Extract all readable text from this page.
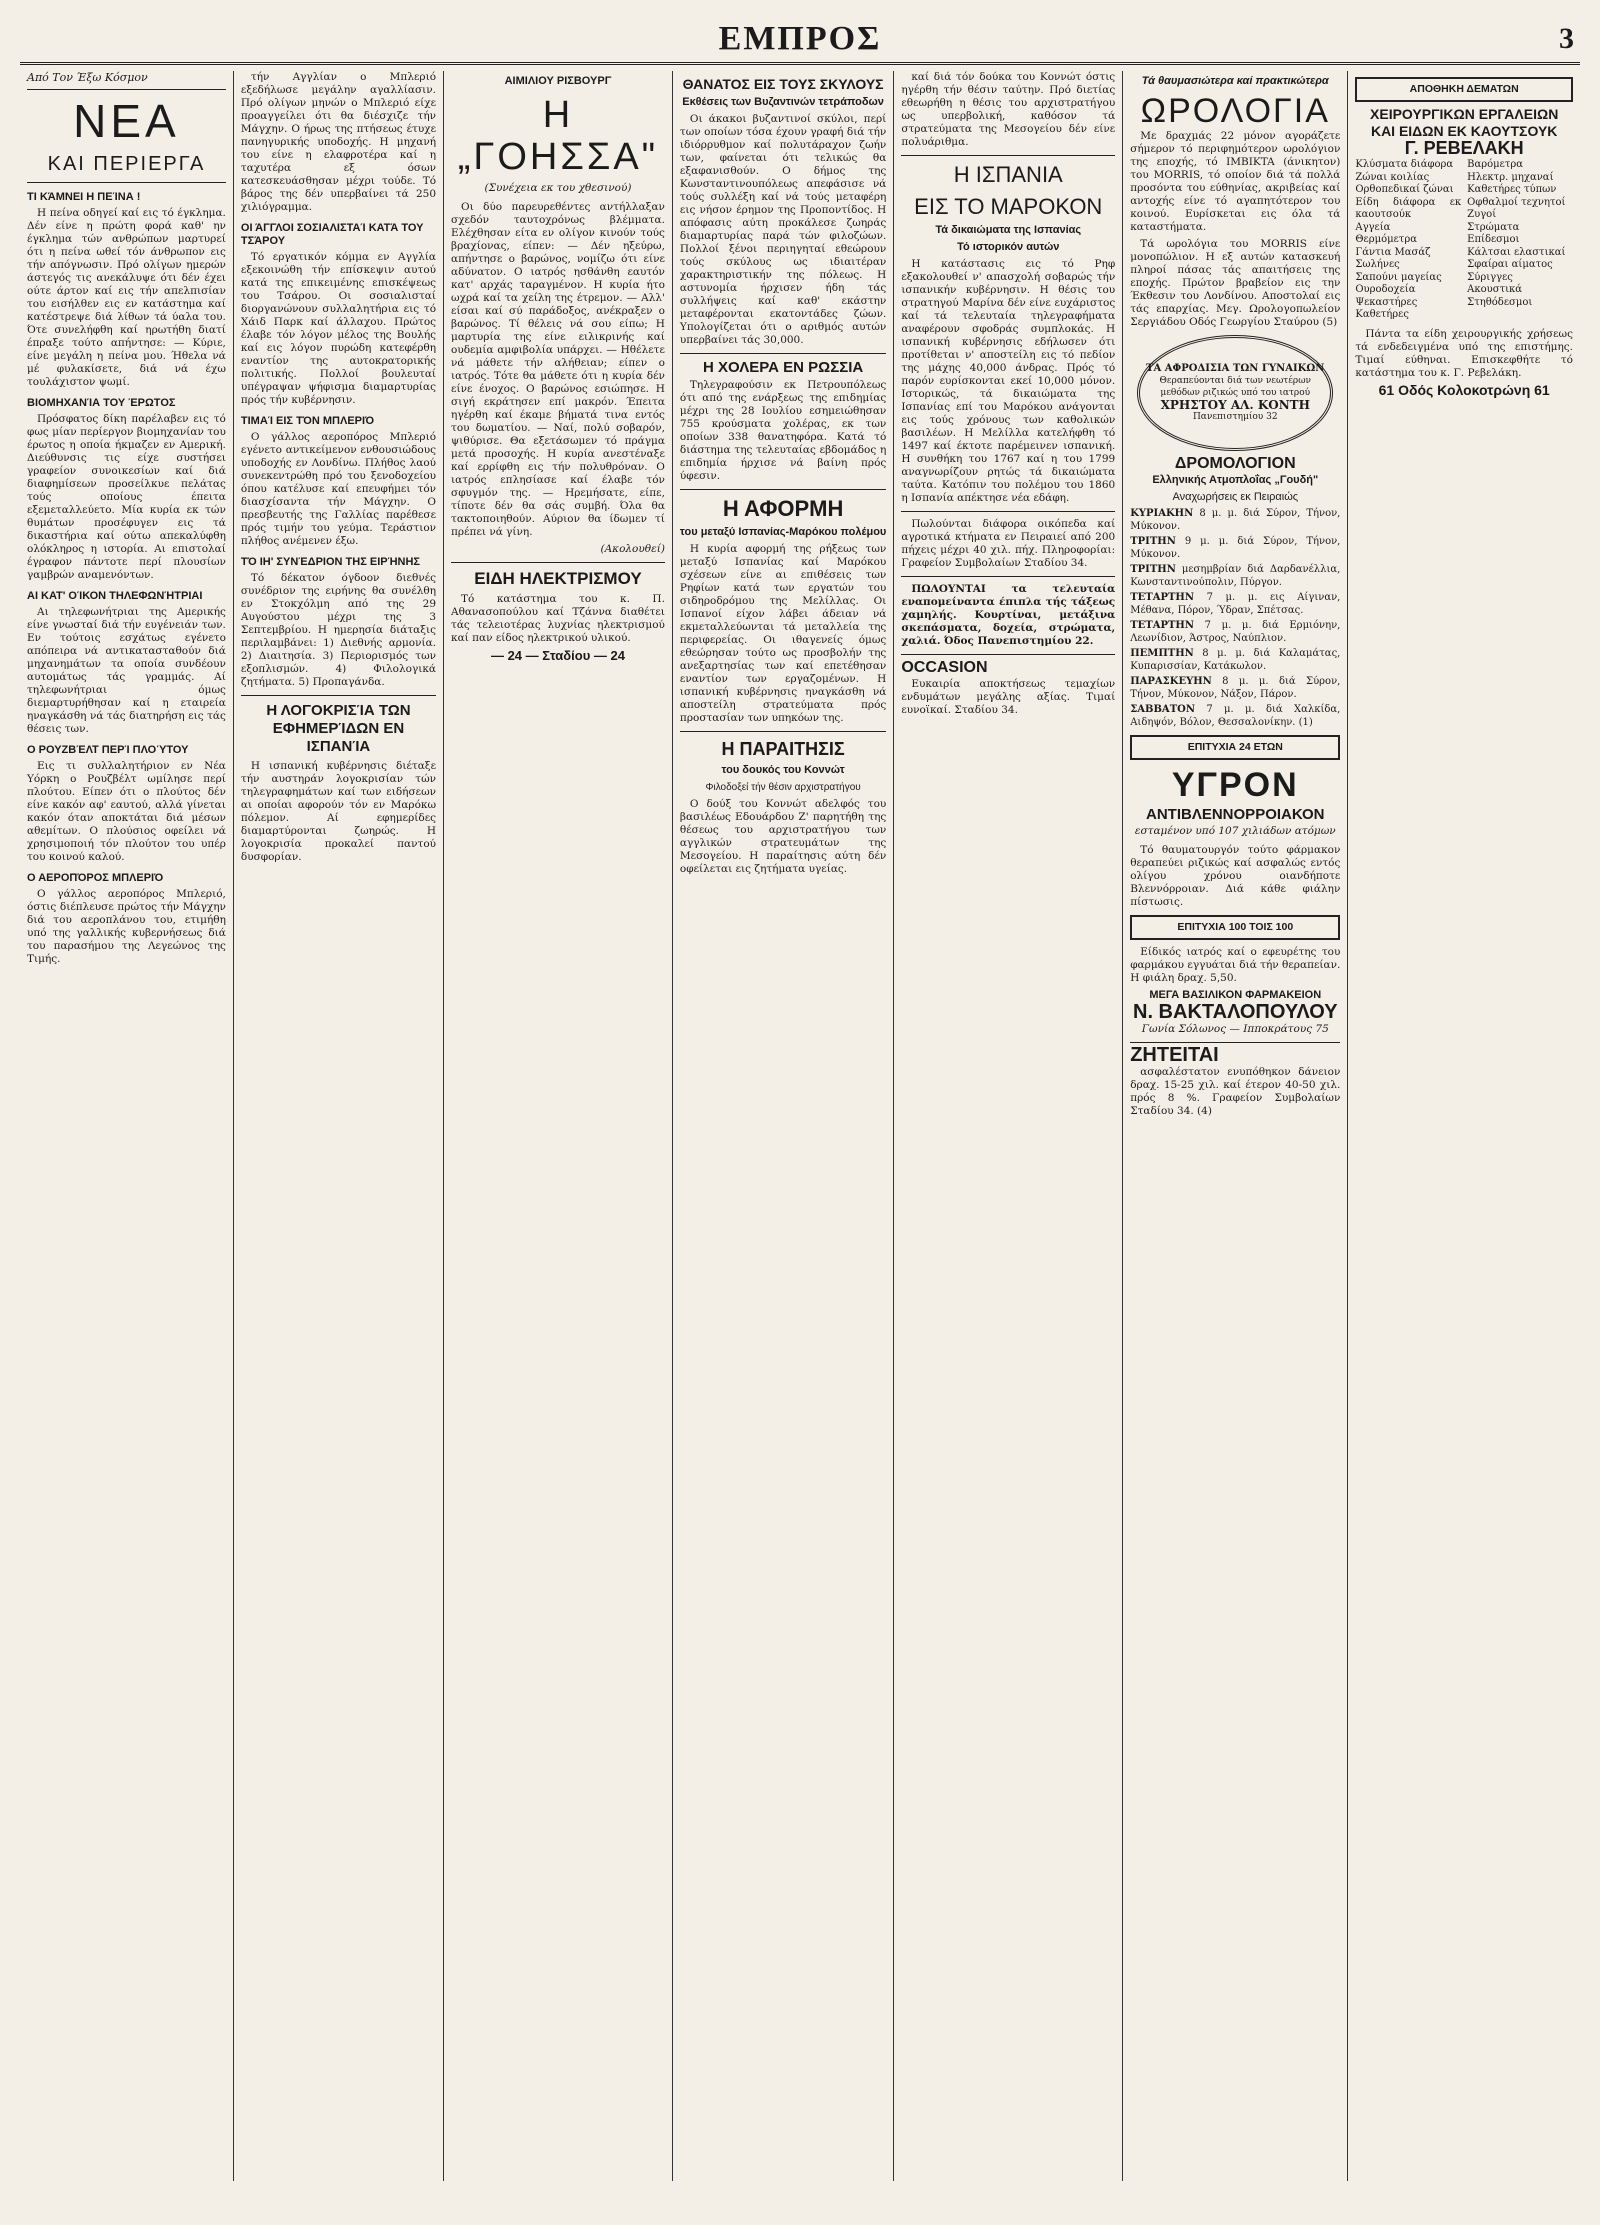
ΕΜΠΡΟΣ	3
Από Τον Έξω Κόσμον
ΝΕΑ
ΚΑΙ ΠΕΡΙΕΡΓΑ
ΤΙ ΚΆΜΝΕΙ Η ΠΕΊΝΑ !

Η πείνα οδηγεί καί εις τό έγκλημα. Δέν είνε η πρώτη φορά καθ' ην έγκλημα τών ανθρώπων μαρτυρεί ότι η πείνα ωθεί τόν άνθρωπον εις τήν απόγνωσιν. Πρό ολίγων ημερών άστεγός τις ανεκάλυψε ότι δέν έχει ούτε άρτον καί εις τήν απελπισίαν του εισήλθεν εις εν κατάστημα καί κατέστρεψε διά λίθων τά ύαλα του. Ότε συνελήφθη καί ηρωτήθη διατί έπραξε τούτο απήντησε: — Κύριε, είνε μεγάλη η πείνα μου. Ήθελα νά μέ φυλακίσετε, διά νά έχω τουλάχιστον ψωμί.

ΒΙΟΜΗΧΑΝΊΑ ΤΟΥ ΈΡΩΤΟΣ

Πρόσφατος δίκη παρέλαβεν εις τό φως μίαν περίεργον βιομηχανίαν του έρωτος η οποία ήκμαζεν εν Αμερική. Διεύθυνσις τις είχε συστήσει γραφείον συνοικεσίων καί διά διαφημίσεων προσείλκυε πελάτας τούς οποίους έπειτα εξεμεταλλεύετο. Μία κυρία εκ τών θυμάτων προσέφυγεν εις τά δικαστήρια καί ούτω απεκαλύφθη ολόκληρος η ιστορία. Αι επιστολαί έγραφον πάντοτε περί πλουσίων γαμβρών αναμενόντων.

ΑΙ ΚΑΤ' ΟΊΚΟΝ ΤΗΛΕΦΩΝΉΤΡΙΑΙ

Αι τηλεφωνήτριαι της Αμερικής είνε γνωσταί διά τήν ευγένειάν των. Εν τούτοις εσχάτως εγένετο απόπειρα νά αντικατασταθούν διά μηχανημάτων τα οποία συνδέουν αυτομάτως τάς γραμμάς. Αί τηλεφωνήτριαι όμως διεμαρτυρήθησαν καί η εταιρεία ηναγκάσθη νά τάς διατηρήση εις τάς θέσεις των.

Ο ΡΟΥΖΒΈΛΤ ΠΕΡΊ ΠΛΟΎΤΟΥ

Εις τι συλλαλητήριον εν Νέα Υόρκη ο Ρουζβέλτ ωμίλησε περί πλούτου. Είπεν ότι ο πλούτος δέν είνε κακόν αφ' εαυτού, αλλά γίνεται κακόν όταν αποκτάται διά μέσων αθεμίτων. Ο πλούσιος οφείλει νά χρησιμοποιή τόν πλούτον του υπέρ του κοινού καλού.

Ο ΑΕΡΟΠΌΡΟΣ ΜΠΛΕΡΙΌ

Ο γάλλος αεροπόρος Μπλεριό, όστις διέπλευσε πρώτος τήν Μάγχην διά του αεροπλάνου του, ετιμήθη υπό της γαλλικής κυβερνήσεως διά του παρασήμου της Λεγεώνος της Τιμής.

τήν Αγγλίαν ο Μπλεριό εξεδήλωσε μεγάλην αγαλλίασιν. Πρό ολίγων μηνών ο Μπλεριό είχε προαγγείλει ότι θα διέσχιζε τήν Μάγχην. Ο ήρως της πτήσεως έτυχε πανηγυρικής υποδοχής. Η μηχανή του είνε η ελαφροτέρα καί η ταχυτέρα εξ όσων κατεσκευάσθησαν μέχρι τούδε. Τό βάρος της δέν υπερβαίνει τά 250 χιλιόγραμμα.

ΟΙ ΆΓΓΛΟΙ ΣΟΣΙΑΛΙΣΤΑΊ ΚΑΤΆ ΤΟΥ ΤΣΆΡΟΥ

Τό εργατικόν κόμμα εν Αγγλία εξεκοινώθη τήν επίσκεψιν αυτού κατά της επικειμένης επισκέψεως του Τσάρου. Οι σοσιαλισταί διοργανώνουν συλλαλητήρια εις τό Χάιδ Παρκ καί άλλαχου. Πρώτος έλαβε τόν λόγον μέλος της Βουλής καί εις λόγον πυρώδη κατεφέρθη εναντίον της αυτοκρατορικής πολιτικής. Πολλοί βουλευταί υπέγραψαν ψήφισμα διαμαρτυρίας πρός τήν κυβέρνησιν.

ΤΙΜΑΊ ΕΙΣ ΤΌΝ ΜΠΛΕΡΙΌ

Ο γάλλος αεροπόρος Μπλεριό εγένετο αντικείμενον ενθουσιώδους υποδοχής εν Λονδίνω. Πλήθος λαού συνεκεντρώθη πρό του ξενοδοχείου όπου κατέλυσε καί επευφήμει τόν διασχίσαντα τήν Μάγχην. Ο πρεσβευτής της Γαλλίας παρέθεσε πρός τιμήν του γεύμα. Τεράστιον πλήθος ανέμενεν έξω.

ΤΌ ΙΗ' ΣΥΝΈΔΡΙΟΝ ΤΗΣ ΕΙΡΉΝΗΣ

Τό δέκατον όγδοον διεθνές συνέδριον της ειρήνης θα συνέλθη εν Στοκχόλμη από της 29 Αυγούστου μέχρι της 3 Σεπτεμβρίου. Η ημερησία διάταξις περιλαμβάνει: 1) Διεθνής αρμονία. 2) Διαιτησία. 3) Περιορισμός των εξοπλισμών. 4) Φιλολογικά ζητήματα. 5) Προπαγάνδα.

Η ΛΟΓΟΚΡΙΣΊΑ ΤΩΝ ΕΦΗΜΕΡΊΔΩΝ ΕΝ ΙΣΠΑΝΊΑ

Η ισπανική κυβέρνησις διέταξε τήν αυστηράν λογοκρισίαν τών τηλεγραφημάτων καί των ειδήσεων αι οποίαι αφορούν τόν εν Μαρόκω πόλεμον. Αί εφημερίδες διαμαρτύρονται ζωηρώς. Η λογοκρισία προκαλεί παντού δυσφορίαν.

ΑΙΜΙΛΙΟΥ ΡΙΣΒΟΥΡΓ
Η „ΓΟΗΣΣΑ"
(Συνέχεια εκ του χθεσινού)

Οι δύο παρευρεθέντες αντήλλαξαν σχεδόν ταυτοχρόνως βλέμματα. Ελέχθησαν είτα εν ολίγον κινούν τούς βραχίονας, είπεν: — Δέν ηξεύρω, απήντησε ο βαρώνος, νομίζω ότι είνε αδύνατον. Ο ιατρός ησθάνθη εαυτόν κατ' αρχάς ταραγμένον. Η κυρία ήτο ωχρά καί τα χείλη της έτρεμον. — Αλλ' είσαι καί σύ παράδοξος, ανέκραξεν ο βαρώνος. Τί θέλεις νά σου είπω; Η μαρτυρία της είνε ειλικρινής καί ουδεμία αμφιβολία υπάρχει. — Ηθέλετε νά μάθετε τήν αλήθειαν; είπεν ο ιατρός. Τότε θα μάθετε ότι η κυρία δέν είνε ένοχος. Ο βαρώνος εσιώπησε. Η σιγή εκράτησεν επί μακρόν. Έπειτα ηγέρθη καί έκαμε βήματά τινα εντός του δωματίου. — Ναί, πολύ σοβαρόν, ψιθύρισε. Θα εξετάσωμεν τό πράγμα μετά προσοχής. Η κυρία ανεστέναξε καί ερρίφθη εις τήν πολυθρόναν. Ο ιατρός επλησίασε καί έλαβε τόν σφυγμόν της. — Ηρεμήσατε, είπε, τίποτε δέν θα σάς συμβή. Όλα θα τακτοποιηθούν. Αύριον θα ίδωμεν τί πρέπει νά γίνη.

(Ακολουθεί)
ΕΙΔΗ ΗΛΕΚΤΡΙΣΜΟΥ

Τό κατάστημα του κ. Π. Αθανασοπούλου καί Τζάννα διαθέτει τάς τελειοτέρας λυχνίας ηλεκτρισμού καί παν είδος ηλεκτρικού υλικού.

— 24 — Σταδίου — 24
ΘΑΝΑΤΟΣ ΕΙΣ ΤΟΥΣ ΣΚΥΛΟΥΣ
Εκθέσεις των Βυζαντινών τετράποδων

Οι άκακοι βυζαντινοί σκύλοι, περί των οποίων τόσα έχουν γραφή διά τήν ιδιόρρυθμον καί πολυτάραχον ζωήν των, φαίνεται ότι τελικώς θα εξαφανισθούν. Ο δήμος της Κωνσταντινουπόλεως απεφάσισε νά τούς συλλέξη καί νά τούς μεταφέρη εις νήσον έρημον της Προποντίδος. Η απόφασις αύτη προκάλεσε ζωηράς διαμαρτυρίας παρά τών φιλοζώων. Πολλοί ξένοι περιηγηταί εθεώρουν τούς σκύλους ως ιδιαιτέραν χαρακτηριστικήν της πόλεως. Η αστυνομία ήρχισεν ήδη τάς συλλήψεις καί καθ' εκάστην μεταφέρονται εκατοντάδες ζώων. Υπολογίζεται ότι ο αριθμός αυτών υπερβαίνει τάς 30,000.

Η ΧΟΛΕΡΑ ΕΝ ΡΩΣΣΙΑ

Τηλεγραφούσιν εκ Πετρουπόλεως ότι από της ενάρξεως της επιδημίας μέχρι της 28 Ιουλίου εσημειώθησαν 755 κρούσματα χολέρας, εκ των οποίων 338 θανατηφόρα. Κατά τό διάστημα της τελευταίας εβδομάδος η επιδημία ήρχισε νά βαίνη πρός ύφεσιν.

Η ΑΦΟΡΜΗ
του μεταξύ Ισπανίας-Μαρόκου πολέμου

Η κυρία αφορμή της ρήξεως των μεταξύ Ισπανίας καί Μαρόκου σχέσεων είνε αι επιθέσεις των Ρηφίων κατά των εργατών του σιδηροδρόμου της Μελίλλας. Οι Ισπανοί είχον λάβει άδειαν νά εκμεταλλεύωνται τά μεταλλεία της περιφερείας. Οι ιθαγενείς όμως εθεώρησαν τούτο ως προσβολήν της ανεξαρτησίας των καί επετέθησαν εναντίον των εργαζομένων. Η ισπανική κυβέρνησις ηναγκάσθη νά αποστείλη στρατεύματα πρός προστασίαν των υπηκόων της.

Η ΠΑΡΑΙΤΗΣΙΣ
του δουκός του Κοννώτ
Φιλοδοξεί τήν θέσιν αρχιστρατήγου

Ο δούξ του Κοννώτ αδελφός του βασιλέως Εδουάρδου Ζ' παρητήθη της θέσεως του αρχιστρατήγου των αγγλικών στρατευμάτων της Μεσογείου. Η παραίτησις αύτη δέν οφείλεται εις ζητήματα υγείας.

καί διά τόν δούκα του Κοννώτ όστις ηγέρθη τήν θέσιν ταύτην. Πρό διετίας εθεωρήθη η θέσις του αρχιστρατήγου ως υπερβολική, καθόσον τά στρατεύματα της Μεσογείου δέν είνε πολυάριθμα.

Η ΙΣΠΑΝΙΑ
ΕΙΣ ΤΟ ΜΑΡΟΚΟΝ
Τά δικαιώματα της Ισπανίας
Τό ιστορικόν αυτών

Η κατάστασις εις τό Ρηφ εξακολουθεί ν' απασχολή σοβαρώς τήν ισπανικήν κυβέρνησιν. Η θέσις του στρατηγού Μαρίνα δέν είνε ευχάριστος καί τά τελευταία τηλεγραφήματα αναφέρουν σφοδράς συμπλοκάς. Η ισπανική κυβέρνησις εδήλωσεν ότι προτίθεται ν' αποστείλη εις τό πεδίον της μάχης 40,000 άνδρας. Πρός τό παρόν ευρίσκονται εκεί 10,000 μόνον. Ιστορικώς, τά δικαιώματα της Ισπανίας επί του Μαρόκου ανάγονται εις τούς χρόνους των καθολικών βασιλέων. Η Μελίλλα κατελήφθη τό 1497 καί έκτοτε παρέμεινεν ισπανική. Η συνθήκη του 1767 καί η του 1799 αναγνωρίζουν ρητώς τά δικαιώματα ταύτα. Κατόπιν του πολέμου του 1860 η Ισπανία απέκτησε νέα εδάφη.

Πωλούνται διάφορα οικόπεδα καί αγροτικά κτήματα εν Πειραιεί από 200 πήχεις μέχρι 40 χιλ. πήχ. Πληροφορίαι: Γραφείον Συμβολαίων Σταδίου 34.

ΠΩΛΟΥΝΤΑΙ τα τελευταία εναπομείναντα έπιπλα τής τάξεως χαμηλής. Κουρτίναι, μετάξινα σκεπάσματα, δοχεία, στρώματα, χαλιά. Όδος Πανεπιστημίου 22.

OCCASION

Ευκαιρία αποκτήσεως τεμαχίων ενδυμάτων μεγάλης αξίας. Τιμαί ευνοϊκαί. Σταδίου 34.

Τά θαυμασιώτερα καί πρακτικώτερα
ΩΡΟΛΟΓΙΑ

Με δραχμάς 22 μόνον αγοράζετε σήμερον τό περιφημότερον ωρολόγιον της εποχής, τό IMBIKTA (άνικητον) του MORRIS, τό οποίον διά τά πολλά προσόντα του εύθηνίας, ακριβείας καί αντοχής είνε τό αγαπητότερον του κοινού. Ευρίσκεται εις όλα τά καταστήματα.

Τά ωρολόγια του MORRIS είνε μονοπώλιον. Η εξ αυτών κατασκευή πληροί πάσας τάς απαιτήσεις της εποχής. Πρώτον βραβείον εις την Έκθεσιν του Λονδίνου. Αποστολαί εις τάς επαρχίας. Μεγ. Ωρολογοπωλείον Σεργιάδου Οδός Γεωργίου Σταύρου (5)

ΤΑ ΑΦΡΟΔΙΣΙΑ ΤΩΝ ΓΥΝΑΙΚΩΝ
Θεραπεύονται διά των νεωτέρων μεθόδων ριζικώς υπό του ιατρού
ΧΡΗΣΤΟΥ ΑΛ. ΚΟΝΤΗ
Πανεπιστημίου 32
ΔΡΟΜΟΛΟΓΙΟΝ
Ελληνικής Ατμοπλοΐας „Γουδή"
Αναχωρήσεις εκ Πειραιώς

ΚΥΡΙΑΚΗΝ 8 μ. μ. διά Σύρον, Τήνον, Μύκονον.

ΤΡΙΤΗΝ 9 μ. μ. διά Σύρον, Τήνον, Μύκονον.

ΤΡΙΤΗΝ μεσημβρίαν διά Δαρδανέλλια, Κωνσταντινούπολιν, Πύργον.

ΤΕΤΑΡΤΗΝ 7 μ. μ. εις Αίγιναν, Μέθανα, Πόρον, Ύδραν, Σπέτσας.

ΤΕΤΑΡΤΗΝ 7 μ. μ. διά Ερμιόνην, Λεωνίδιον, Άστρος, Ναύπλιον.

ΠΕΜΠΤΗΝ 8 μ. μ. διά Καλαμάτας, Κυπαρισσίαν, Κατάκωλον.

ΠΑΡΑΣΚΕΥΗΝ 8 μ. μ. διά Σύρον, Τήνον, Μύκονον, Νάξον, Πάρον.

ΣΑΒΒΑΤΟΝ 7 μ. μ. διά Χαλκίδα, Αιδηψόν, Βόλον, Θεσσαλονίκην. (1)

ΕΠΙΤΥΧΙΑ 24 ΕΤΩΝ
ΥΓΡΟΝ
ΑΝΤΙΒΛΕΝΝΟΡΡΟΙΑΚΟΝ
εσταμένον υπό 107 χιλιάδων ατόμων

Τό θαυματουργόν τούτο φάρμακον θεραπεύει ριζικώς καί ασφαλώς εντός ολίγου χρόνου οιανδήποτε Βλεννόρροιαν. Διά κάθε φιάλην πίστωσις.

ΕΠΙΤΥΧΙΑ 100 ΤΟΙΣ 100

Είδικός ιατρός καί ο εφευρέτης του φαρμάκου εγγυάται διά τήν θεραπείαν. Η φιάλη δραχ. 5,50.

ΜΕΓΑ ΒΑΣΙΛΙΚΟΝ ΦΑΡΜΑΚΕΙΟΝ
Ν. ΒΑΚΤΑΛΟΠΟΥΛΟΥ
Γωνία Σόλωνος — Ιπποκράτους 75
ΖΗΤΕΙΤΑΙ

ασφαλέστατον ενυπόθηκον δάνειον δραχ. 15-25 χιλ. καί έτερον 40-50 χιλ. πρός 8 %. Γραφείον Συμβολαίων Σταδίου 34. (4)

ΑΠΟΘΗΚΗ ΔΕΜΑΤΩΝ
ΧΕΙΡΟΥΡΓΙΚΩΝ ΕΡΓΑΛΕΙΩΝ
ΚΑΙ ΕΙΔΩΝ ΕΚ ΚΑΟΥΤΣΟΥΚ
Γ. ΡΕΒΕΛΑΚΗ
Κλύσματα διάφορα
Ζώναι κοιλίας
Ορθοπεδικαί ζώναι
Είδη διάφορα εκ καουτσούκ
Αγγεία
Θερμόμετρα
Γάντια Μασάζ
Σωλήνες
Σαπούνι μαγείας
Ουροδοχεία
Ψεκαστήρες
Καθετήρες
Βαρόμετρα
Ηλεκτρ. μηχαναί
Καθετήρες τύπων
Οφθαλμοί τεχνητοί
Ζυγοί
Στρώματα
Επίδεσμοι
Κάλτσαι ελαστικαί
Σφαίραι αίματος
Σύριγγες
Ακουστικά
Στηθόδεσμοι

Πάντα τα είδη χειρουργικής χρήσεως τά ενδεδειγμένα υπό της επιστήμης. Τιμαί εύθηναι. Επισκεφθήτε τό κατάστημα του κ. Γ. Ρεβελάκη.

61 Οδός Κολοκοτρώνη 61
